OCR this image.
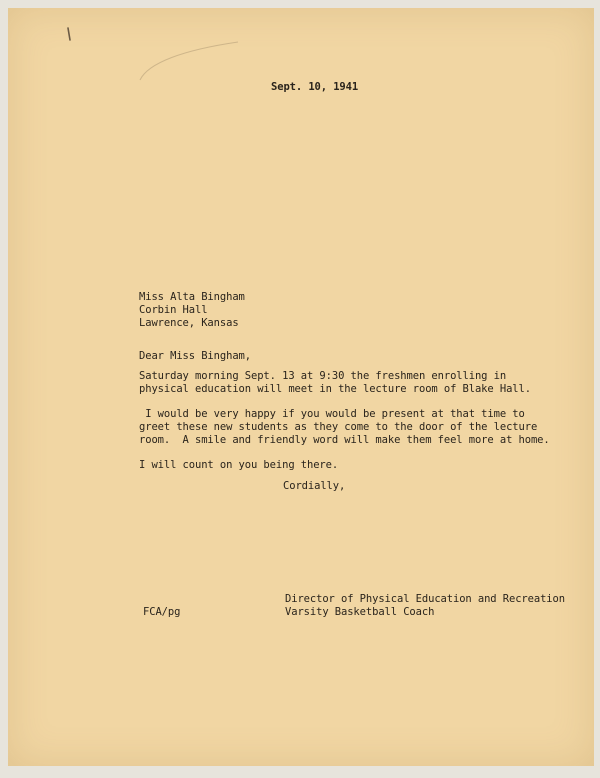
Sept. 10, 1941

Miss Alta Bingham

Corbin Hall

Lawrence, Kansas

Dear Miss Bingham,

Saturday morning Sept. 13 at 9:30 the freshmen enrolling in

physical education will meet in the lecture room of Blake Hall.

I would be very happy if you would be present at that time to

greet these new students as they come to the door of the lecture

room.  A smile and friendly word will make them feel more at home.

I will count on you being there.

Cordially,

FCA/pg

Director of Physical Education and Recreation

Varsity Basketball Coach
